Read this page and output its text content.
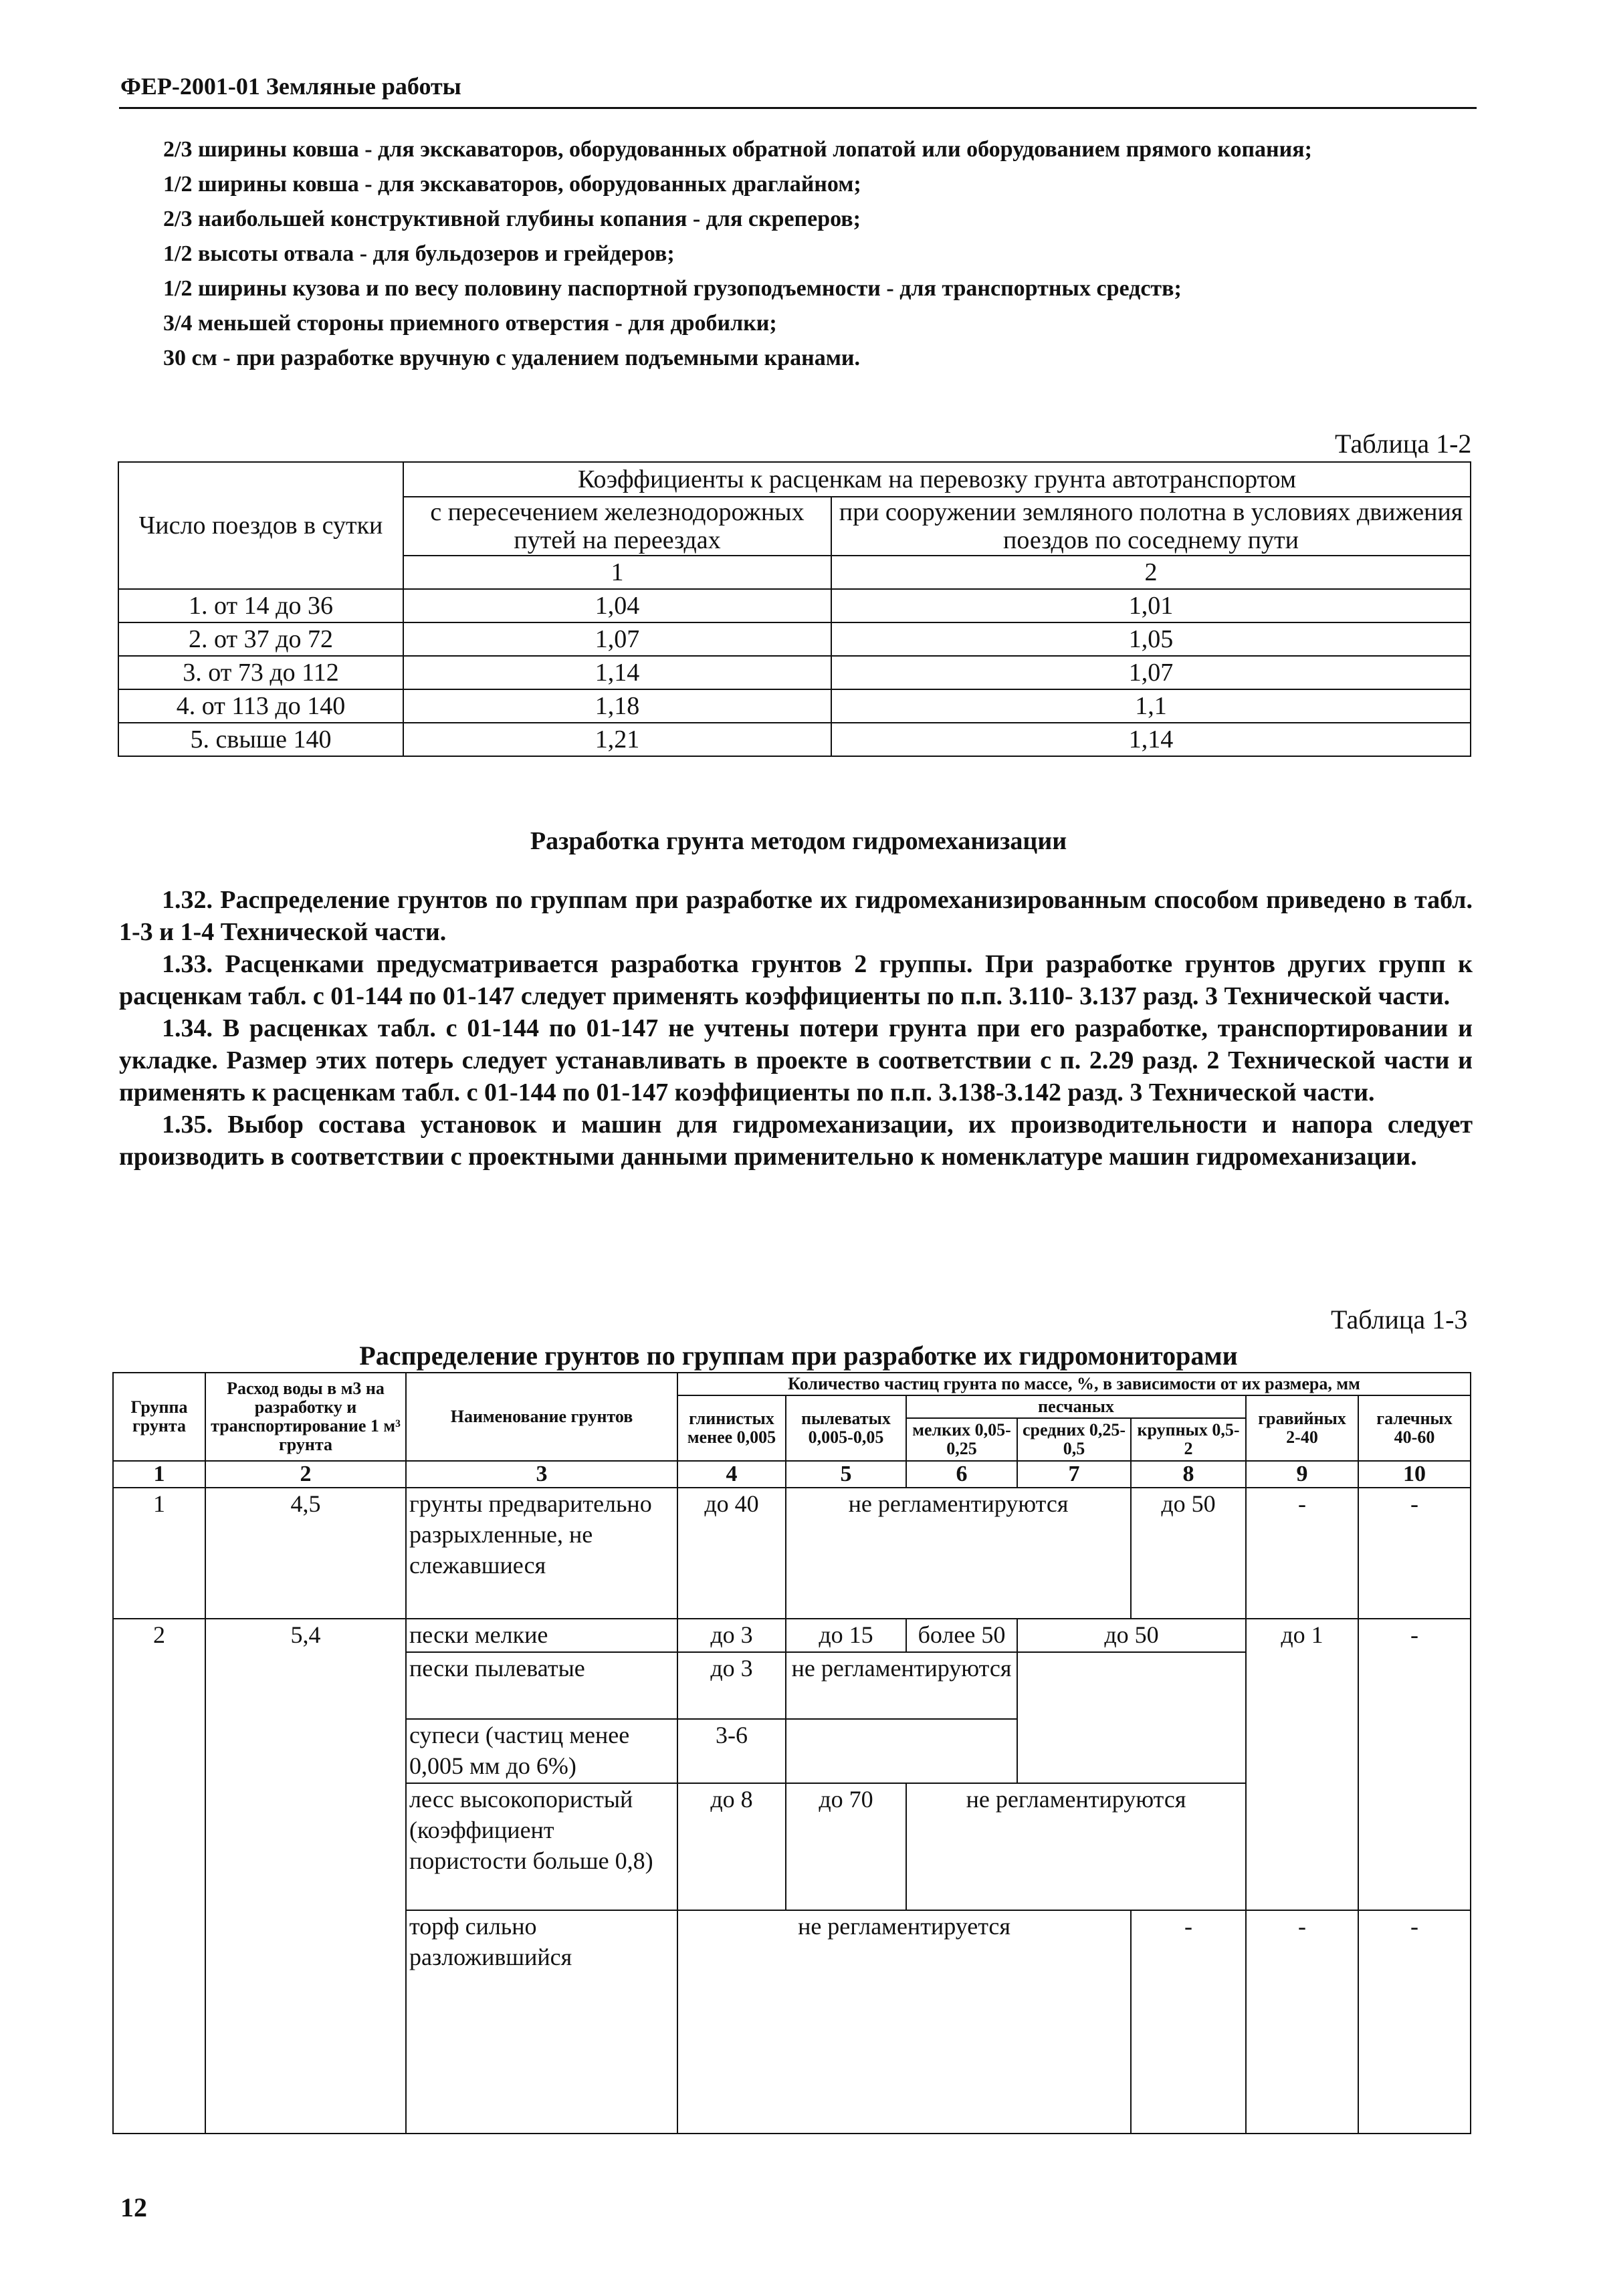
ФЕР-2001-01 Земляные работы
2/3 ширины ковша - для экскаваторов, оборудованных обратной лопатой или оборудованием прямого копания;
1/2 ширины ковша - для экскаваторов, оборудованных драглайном;
2/3 наибольшей конструктивной глубины копания - для скреперов;
1/2 высоты отвала - для бульдозеров и грейдеров;
1/2 ширины кузова и по весу половину паспортной грузоподъемности - для транспортных средств;
3/4 меньшей стороны приемного отверстия - для дробилки;
30 см - при разработке вручную с удалением подъемными кранами.
Таблица 1-2
Число поездов в сутки	Коэффициенты к расценкам на перевозку грунта автотранспортом	
	с пересечением железнодорожных путей на переездах	при сооружении земляного полотна в условиях движения поездов по соседнему пути
	1	2
1. от 14 до 36	1,04	1,01
2. от 37 до 72	1,07	1,05
3. от 73 до 112	1,14	1,07
4. от 113 до 140	1,18	1,1
5. свыше 140	1,21	1,14
Разработка грунта методом гидромеханизации

1.32. Распределение грунтов по группам при разработке их гидромеханизированным способом приведено в табл. 1-3 и 1-4 Технической части.

1.33. Расценками предусматривается разработка грунтов 2 группы. При разработке грунтов других групп к расценкам табл. с 01-144 по 01-147 следует применять коэффициенты по п.п. 3.110- 3.137 разд. 3 Технической части.

1.34. В расценках табл. с 01-144 по 01-147 не учтены потери грунта при его разработке, транспортировании и укладке. Размер этих потерь следует устанавливать в проекте в соответствии с п. 2.29 разд. 2 Технической части и применять к расценкам табл. с 01-144 по 01-147 коэффициенты по п.п. 3.138-3.142 разд. 3 Технической части.

1.35. Выбор состава установок и машин для гидромеханизации, их производительности и напора следует производить в соответствии с проектными данными применительно к номенклатуре машин гидромеханизации.

Таблица 1-3
Распределение грунтов по группам при разработке их гидромониторами
Группа грунта	Расход воды в м3 на разработку и транспортирование 1 м³ грунта	Наименование грунтов	Количество частиц грунта по массе, %, в зависимости от их размера, мм						
			глинистых менее 0,005	пылеватых 0,005-0,05	песчаных			гравийных 2-40	галечных 40-60
					мелких 0,05-0,25	средних 0,25-0,5	крупных 0,5-2		
1	2	3	4	5	6	7	8	9	10
1	4,5	грунты предварительно разрыхленные, не слежавшиеся	до 40	не регламентируются			до 50	-	-
2	5,4	пески мелкие	до 3	до 15	более 50	до 50		до 1	-
		пески пылеватые	до 3	не регламентируются					
		супеси (частиц менее 0,005 мм до 6%)	3-6						
		лесс высокопористый (коэффициент пористости больше 0,8)	до 8	до 70	не регламентируются				
		торф сильно разложившийся	не регламентируется				-	-	-
12
